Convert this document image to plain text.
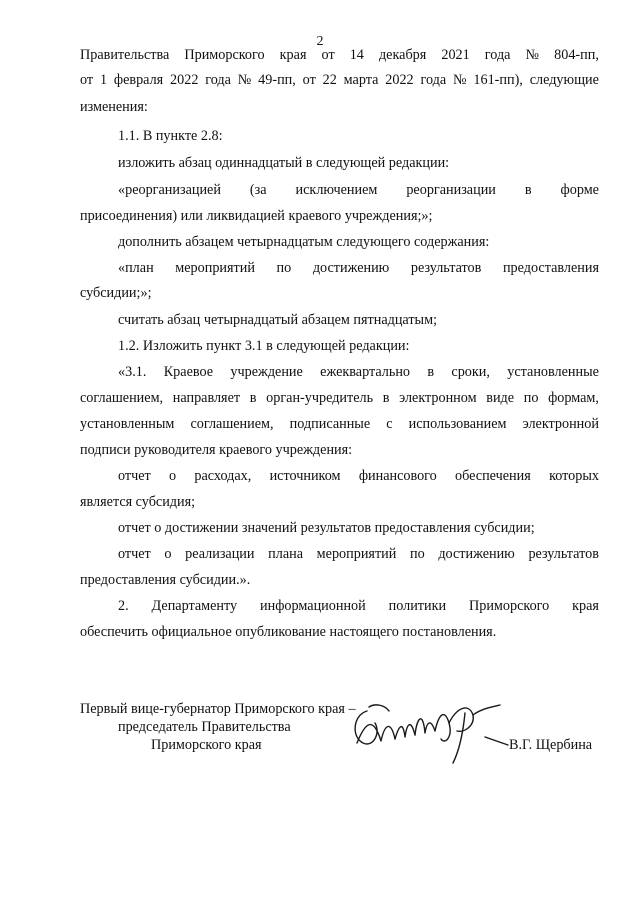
2
Правительства Приморского края от 14 декабря 2021 года № 804-пп,
от 1 февраля 2022 года № 49-пп, от 22 марта 2022 года № 161-пп), следующие
изменения:
1.1. В пункте 2.8:
изложить абзац одиннадцатый в следующей редакции:
«реорганизацией (за исключением реорганизации в форме
присоединения) или ликвидацией краевого учреждения;»;
дополнить абзацем четырнадцатым следующего содержания:
«план мероприятий по достижению результатов предоставления
субсидии;»;
считать абзац четырнадцатый абзацем пятнадцатым;
1.2. Изложить пункт 3.1 в следующей редакции:
«3.1. Краевое учреждение ежеквартально в сроки, установленные
соглашением, направляет в орган-учредитель в электронном виде по формам,
установленным соглашением, подписанные с использованием электронной
подписи руководителя краевого учреждения:
отчет о расходах, источником финансового обеспечения которых
является субсидия;
отчет о достижении значений результатов предоставления субсидии;
отчет о реализации плана мероприятий по достижению результатов
предоставления субсидии.».
2. Департаменту информационной политики Приморского края
обеспечить официальное опубликование настоящего постановления.
Первый вице-губернатор Приморского края –
председатель Правительства
Приморского края	В.Г. Щербина
